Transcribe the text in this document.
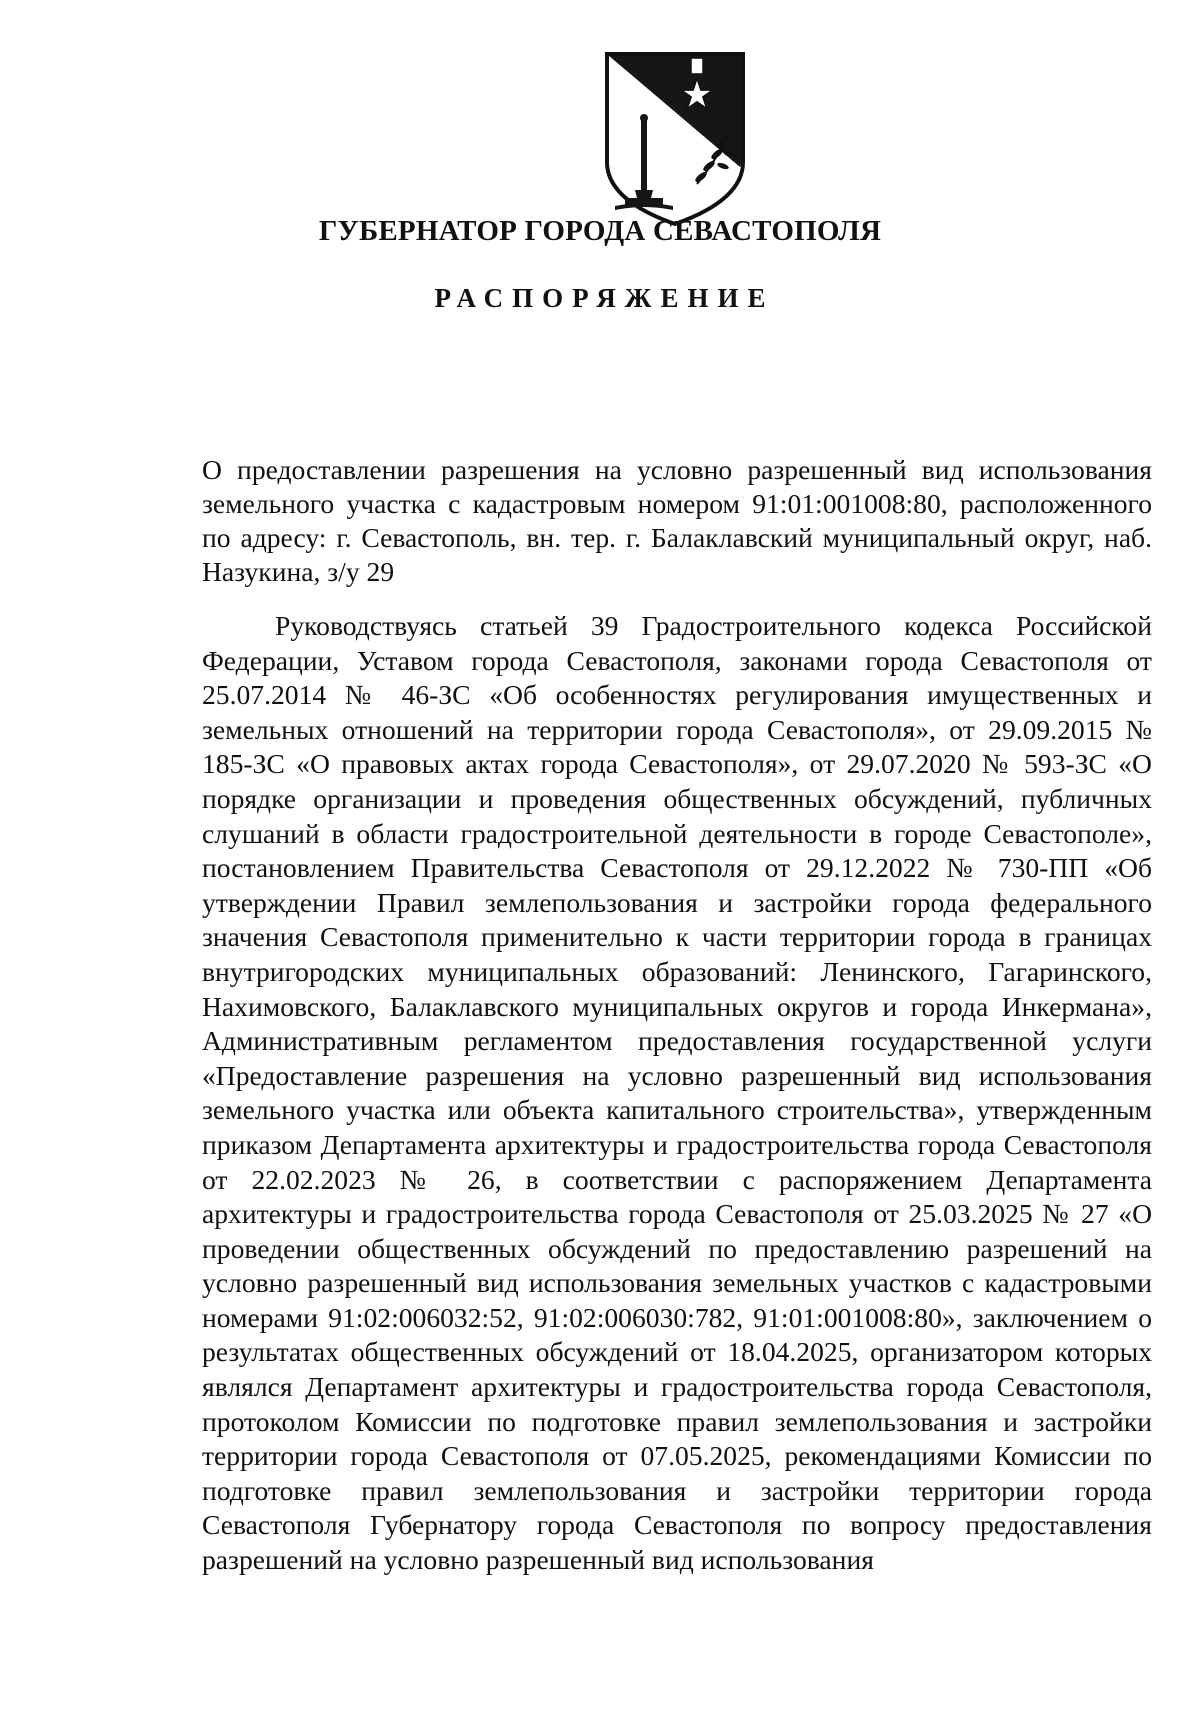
ГУБЕРНАТОР ГОРОДА СЕВАСТОПОЛЯ
РАСПОРЯЖЕНИЕ
О предоставлении разрешения на условно разрешенный вид использования земельного участка с кадастровым номером 91:01:001008:80, расположенного по адресу: г. Севастополь, вн. тер. г. Балаклавский муниципальный округ, наб. Назукина, з/у 29
Руководствуясь статьей 39 Градостроительного кодекса Российской Федерации, Уставом города Севастополя, законами города Севастополя от 25.07.2014 № 46-ЗС «Об особенностях регулирования имущественных и земельных отношений на территории города Севастополя», от 29.09.2015 № 185-ЗС «О правовых актах города Севастополя», от 29.07.2020 № 593-ЗС «О порядке организации и проведения общественных обсуждений, публичных слушаний в области градостроительной деятельности в городе Севастополе», постановлением Правительства Севастополя от 29.12.2022 № 730-ПП «Об утверждении Правил землепользования и застройки города федерального значения Севастополя применительно к части территории города в границах внутригородских муниципальных образований: Ленинского, Гагаринского, Нахимовского, Балаклавского муниципальных округов и города Инкермана», Административным регламентом предоставления государственной услуги «Предоставление разрешения на условно разрешенный вид использования земельного участка или объекта капитального строительства», утвержденным приказом Департамента архитектуры и градостроительства города Севастополя от 22.02.2023 № 26, в соответствии с распоряжением Департамента архитектуры и градостроительства города Севастополя от 25.03.2025 № 27 «О проведении общественных обсуждений по предоставлению разрешений на условно разрешенный вид использования земельных участков с кадастровыми номерами 91:02:006032:52, 91:02:006030:782, 91:01:001008:80», заключением о результатах общественных обсуждений от 18.04.2025, организатором которых являлся Департамент архитектуры и градостроительства города Севастополя, протоколом Комиссии по подготовке правил землепользования и застройки территории города Севастополя от 07.05.2025, рекомендациями Комиссии по подготовке правил землепользования и застройки территории города Севастополя Губернатору города Севастополя по вопросу предоставления разрешений на условно разрешенный вид использования
